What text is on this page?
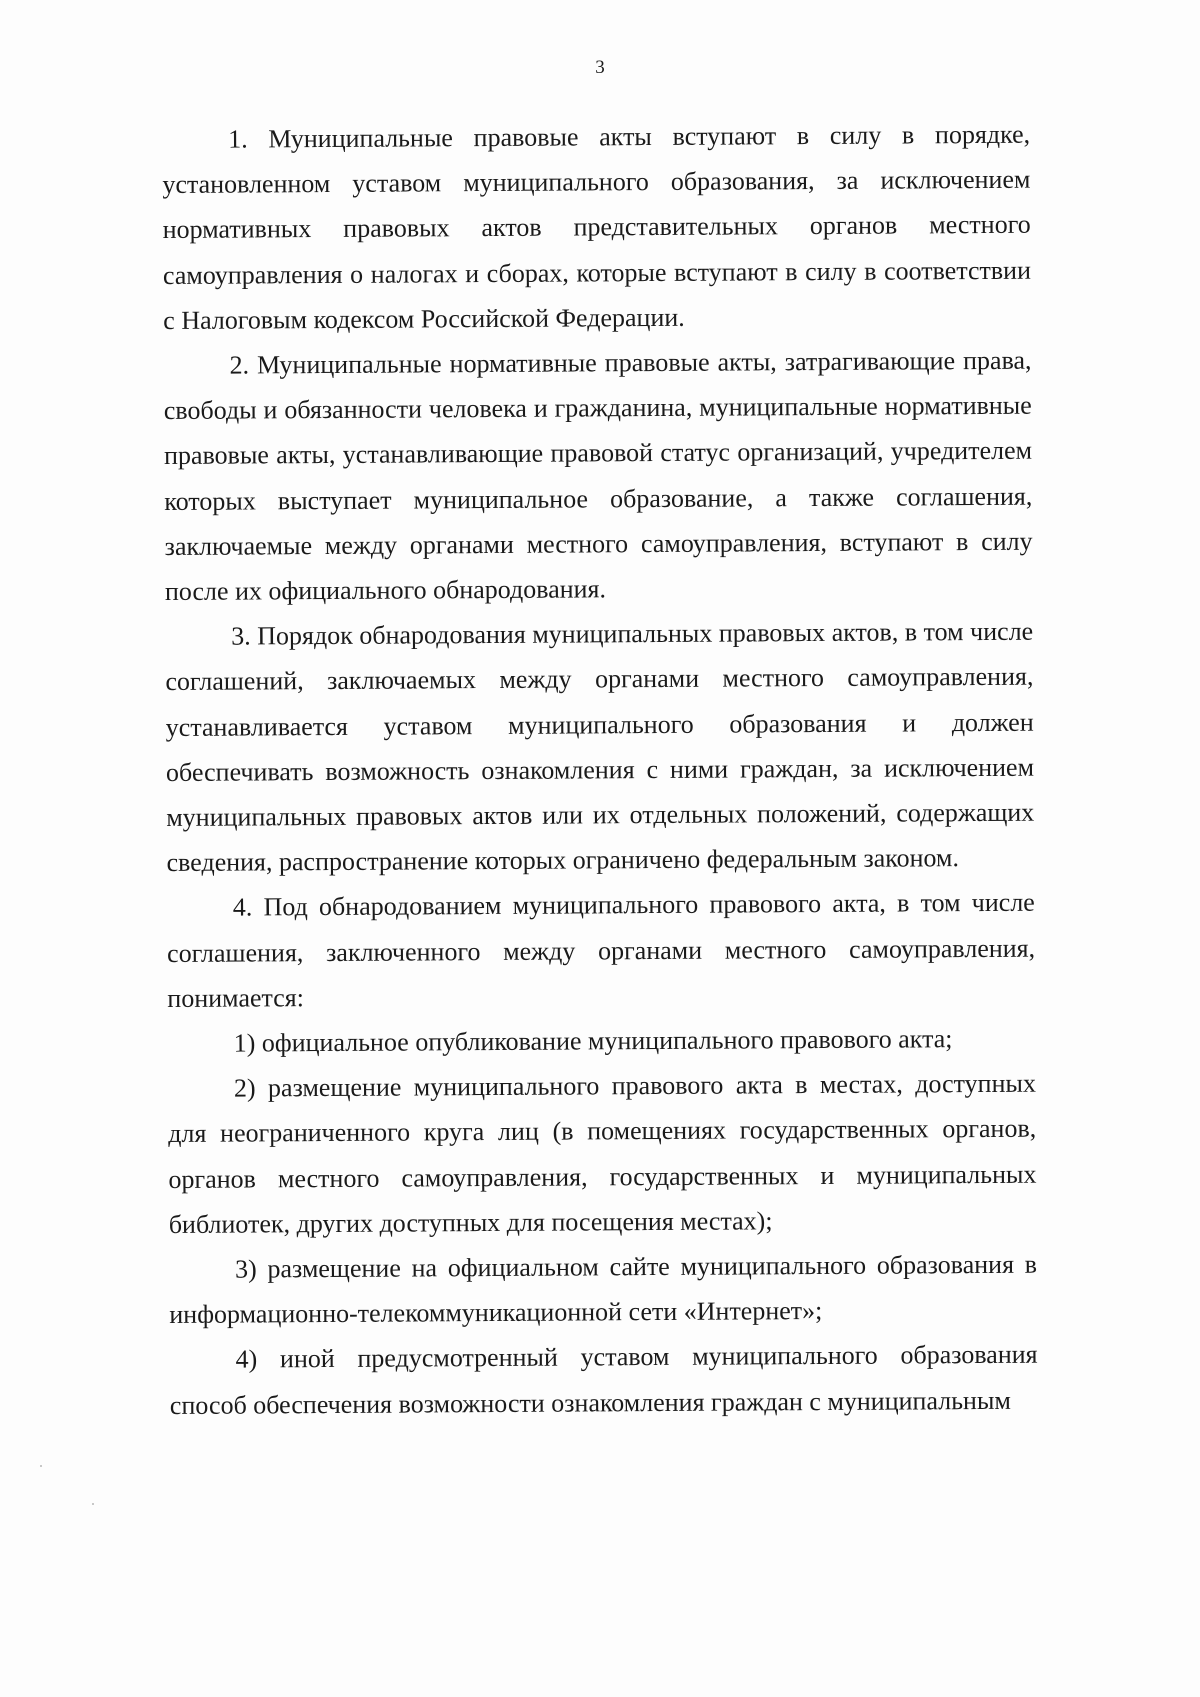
3

1. Муниципальные правовые акты вступают в силу в порядке, установленном уставом муниципального образования, за исключением нормативных правовых актов представительных органов местного самоуправления о налогах и сборах, которые вступают в силу в соответствии с Налоговым кодексом Российской Федерации.

2. Муниципальные нормативные правовые акты, затрагивающие права, свободы и обязанности человека и гражданина, муниципальные нормативные правовые акты, устанавливающие правовой статус организаций, учредителем которых выступает муниципальное образование, а также соглашения, заключаемые между органами местного самоуправления, вступают в силу после их официального обнародования.

3. Порядок обнародования муниципальных правовых актов, в том числе соглашений, заключаемых между органами местного самоуправления, устанавливается уставом муниципального образования и должен обеспечивать возможность ознакомления с ними граждан, за исключением муниципальных правовых актов или их отдельных положений, содержащих сведения, распространение которых ограничено федеральным законом.

4. Под обнародованием муниципального правового акта, в том числе соглашения, заключенного между органами местного самоуправления, понимается:

1) официальное опубликование муниципального правового акта;

2) размещение муниципального правового акта в местах, доступных для неограниченного круга лиц (в помещениях государственных органов, органов местного самоуправления, государственных и муниципальных библиотек, других доступных для посещения местах);

3) размещение на официальном сайте муниципального образования в информационно-телекоммуникационной сети «Интернет»;

4) иной предусмотренный уставом муниципального образования способ обеспечения возможности ознакомления граждан с муниципальным
